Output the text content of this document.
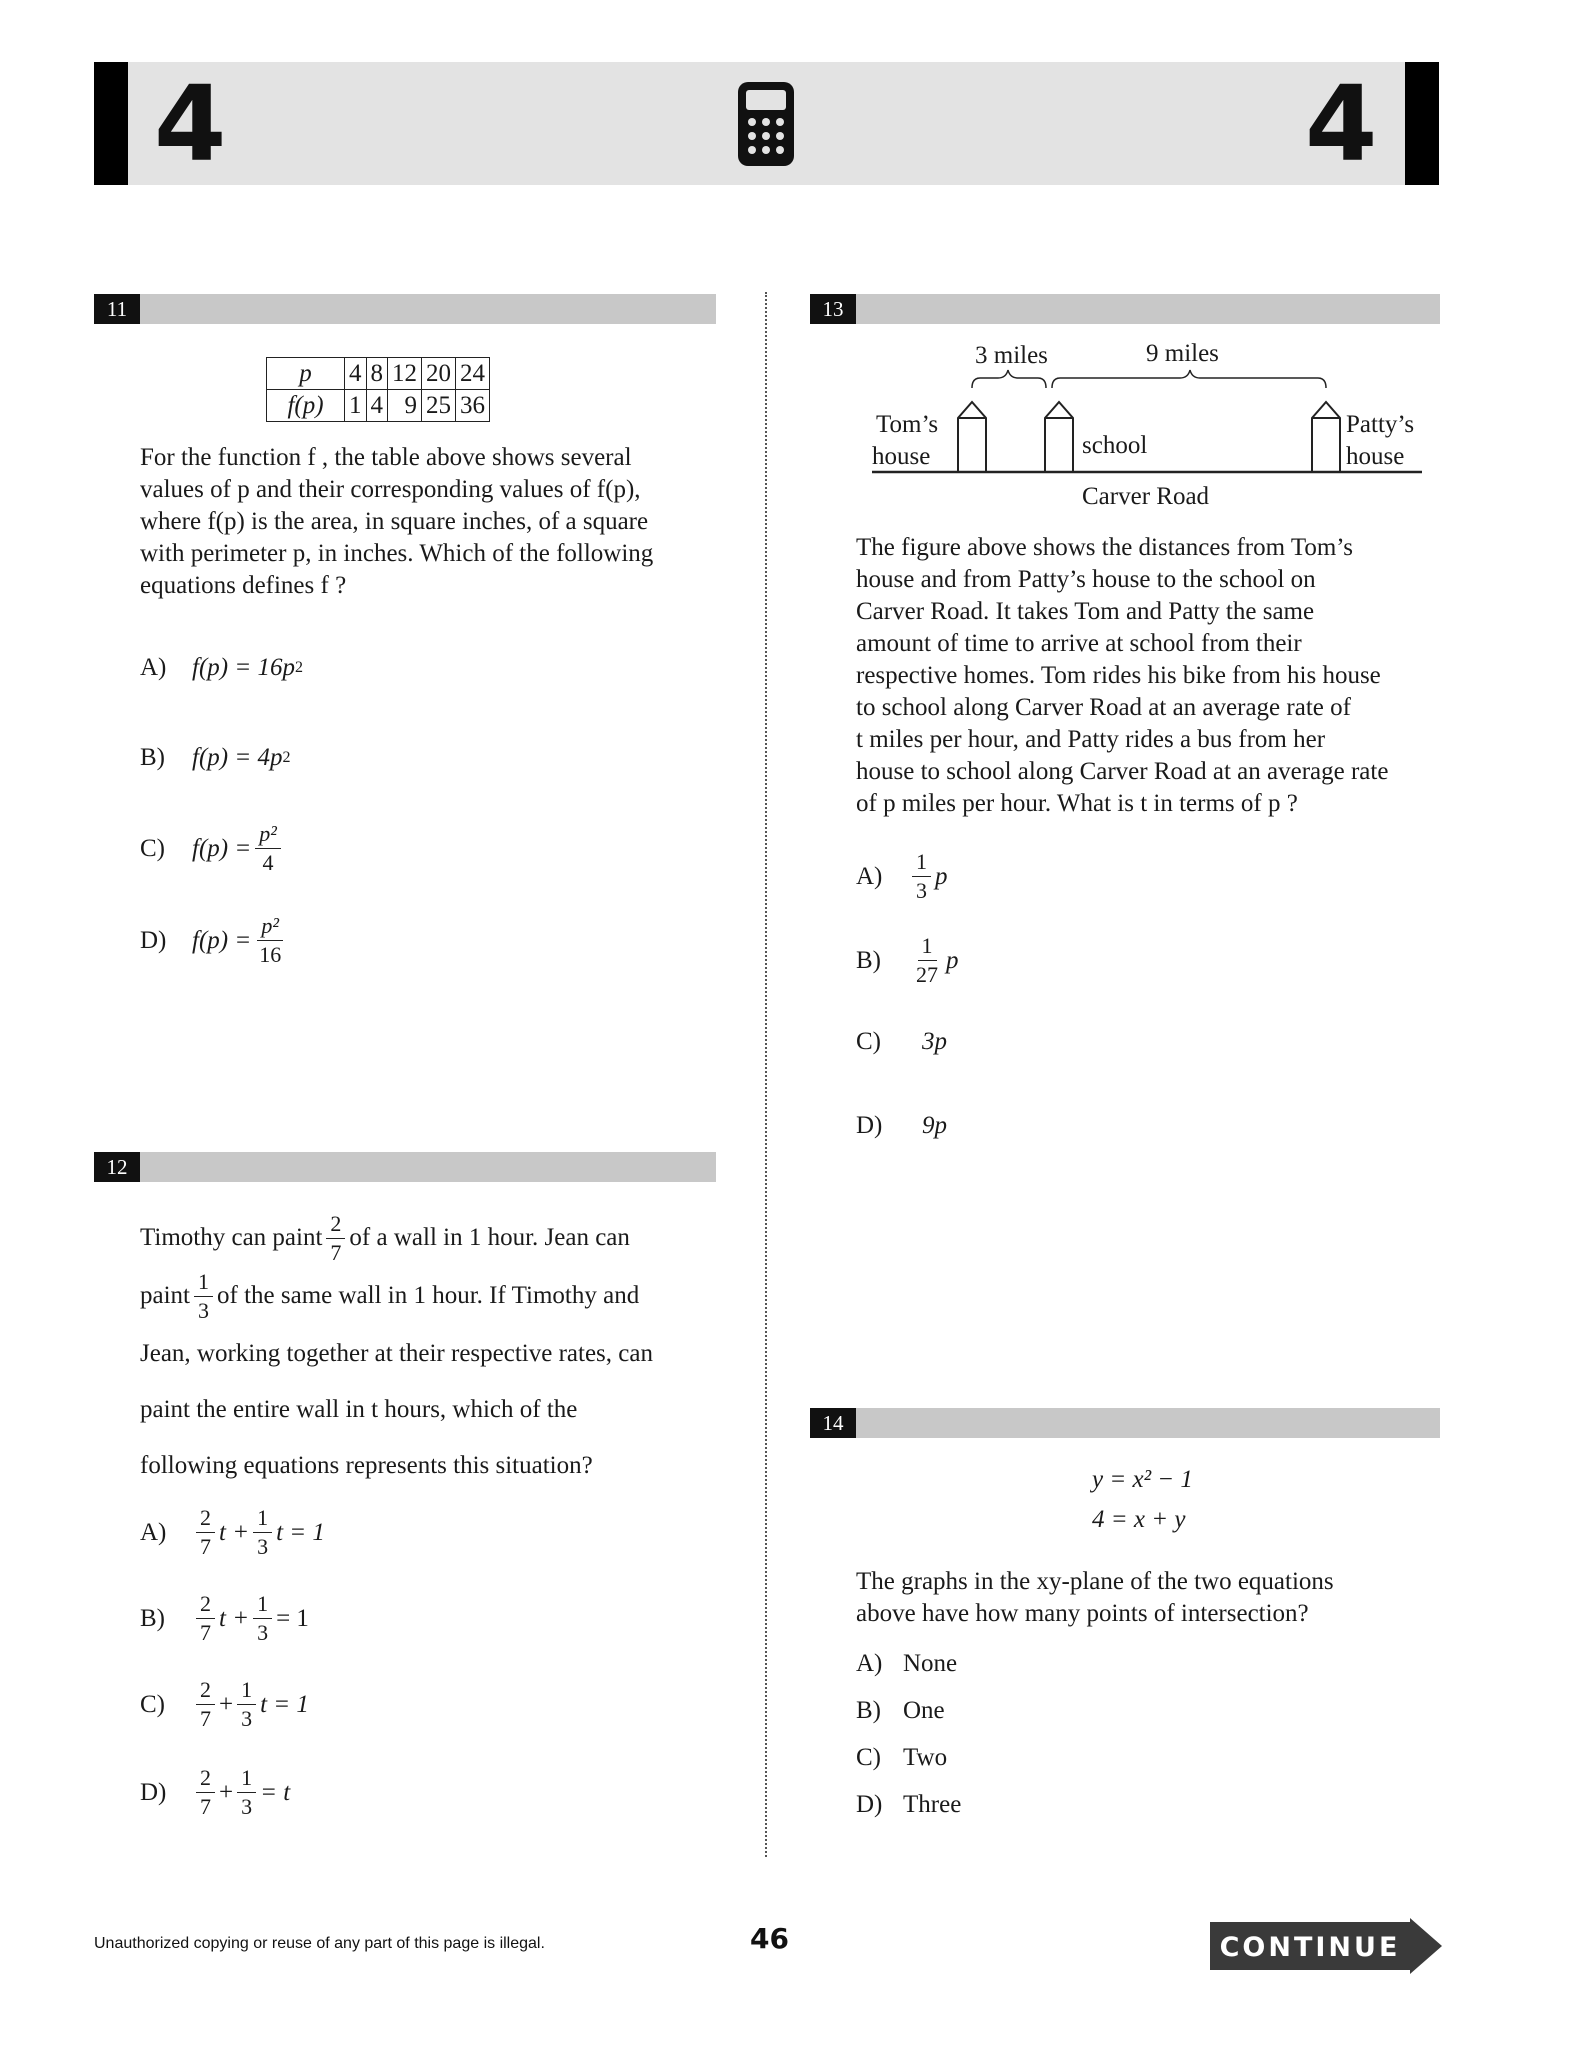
4	4
11
p	4	8	12	20	24
f(p)	1	4	9	25	36
For the function f , the table above shows several
values of p and their corresponding values of f(p),
where f(p) is the area, in square inches, of a square
with perimeter p, in inches. Which of the following
equations defines f ?
A)	f(p) = 16p 2
B)	f(p) = 4p 2
C)	$f(p) = \frac{\text{p²}}{4}$
D)	$f(p) = \frac{\text{p²}}{16}$
12
Timothy can paint $\frac{2}{7}$ of a wall in 1 hour. Jean can
paint $\frac{1}{3}$ of the same wall in 1 hour. If Timothy and
Jean, working together at their respective rates, can
paint the entire wall in t hours, which of the
following equations represents this situation?
A)	$\frac{2}{7}$ $t + \frac{1}{3}$ t = 1
B)	$\frac{2}{7}$ $t + \frac{1}{3} = 1$
C)	$\frac{2}{7} + \frac{1}{3}$ t = 1
D)	$\frac{2}{7} + \frac{1}{3} = t$
13
3 miles	9 miles
Tom’s
house	school
Patty’s
house
Carver Road
The figure above shows the distances from Tom’s
house and from Patty’s house to the school on
Carver Road. It takes Tom and Patty the same
amount of time to arrive at school from their
respective homes. Tom rides his bike from his house
to school along Carver Road at an average rate of
t miles per hour, and Patty rides a bus from her
house to school along Carver Road at an average rate
of p miles per hour. What is t in terms of p ?
A)	$\frac{1}{3}$ p
B)	$\frac{1}{27}$ p
C)	3p
D)	9p
14
y = x² − 1
4 = x + y
The graphs in the xy-plane of the two equations
above have how many points of intersection?
A) None
B) One
C) Two
D) Three
Unauthorized copying or reuse of any part of this page is illegal.	46	CONTINUE
